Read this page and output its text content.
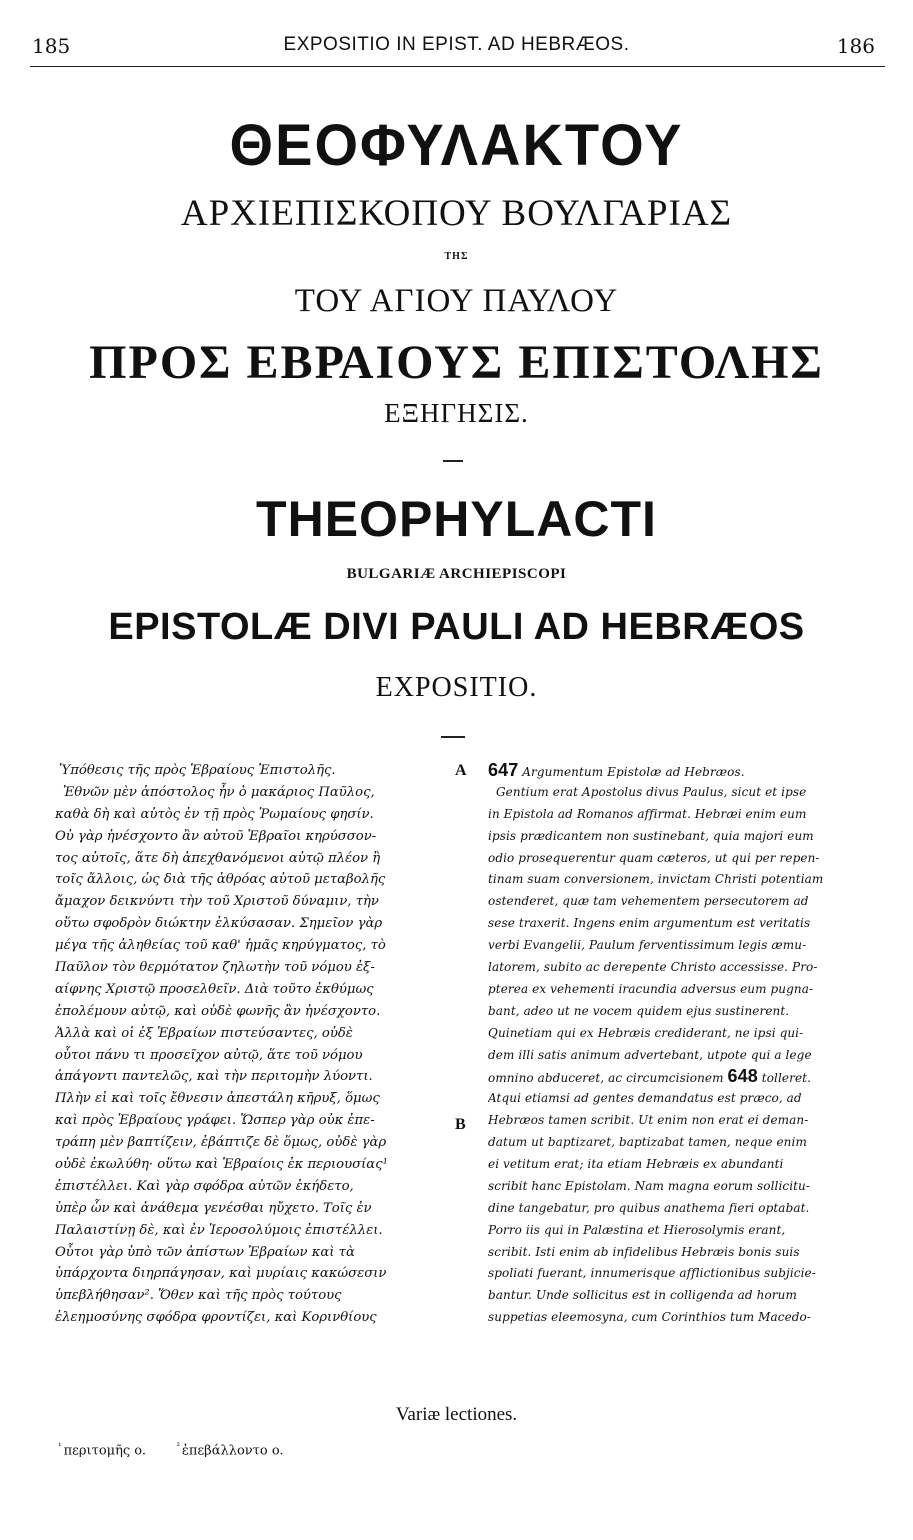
185	EXPOSITIO IN EPIST. AD HEBRÆOS.	186
ΘΕΟΦΥΛΑΚΤΟΥ
ΑΡΧΙΕΠΙΣΚΟΠΟΥ ΒΟΥΛΓΑΡΙΑΣ
ΤΗΣ
ΤΟΥ ΑΓΙΟΥ ΠΑΥΛΟΥ
ΠΡΟΣ ΕΒΡΑΙΟΥΣ ΕΠΙΣΤΟΛΗΣ
ΕΞΗΓΗΣΙΣ.
THEOPHYLACTI
BULGARIÆ ARCHIEPISCOPI
EPISTOLÆ DIVI PAULI AD HEBRÆOS
EXPOSITIO.
Ὑπόθεσις τῆς πρὸς Ἑβραίους Ἐπιστολῆς.
Ἐθνῶν μὲν ἀπόστολος ἦν ὁ μακάριος Παῦλος,
καθὰ δὴ καὶ αὐτὸς ἐν τῇ πρὸς Ῥωμαίους φησίν.
Οὐ γὰρ ἠνέσχοντο ἂν αὐτοῦ Ἑβραῖοι κηρύσσον-
τος αὐτοῖς, ἅτε δὴ ἀπεχθανόμενοι αὐτῷ πλέον ἢ
τοῖς ἄλλοις, ὡς διὰ τῆς ἀθρόας αὐτοῦ μεταβολῆς
ἄμαχον δεικνύντι τὴν τοῦ Χριστοῦ δύναμιν, τὴν
οὕτω σφοδρὸν διώκτην ἑλκύσασαν. Σημεῖον γὰρ
μέγα τῆς ἀληθείας τοῦ καθ' ἡμᾶς κηρύγματος, τὸ
Παῦλον τὸν θερμότατον ζηλωτὴν τοῦ νόμου ἐξ-
αίφνης Χριστῷ προσελθεῖν. Διὰ τοῦτο ἐκθύμως
ἐπολέμουν αὐτῷ, καὶ οὐδὲ φωνῆς ἂν ἠνέσχοντο.
Ἀλλὰ καὶ οἱ ἐξ Ἑβραίων πιστεύσαντες, οὐδὲ
οὗτοι πάνυ τι προσεῖχον αὐτῷ, ἅτε τοῦ νόμου
ἀπάγοντι παντελῶς, καὶ τὴν περιτομὴν λύοντι.
Πλὴν εἰ καὶ τοῖς ἔθνεσιν ἀπεστάλη κῆρυξ, ὅμως
καὶ πρὸς Ἑβραίους γράφει. Ὥσπερ γὰρ οὐκ ἐπε-
τράπη μὲν βαπτίζειν, ἐβάπτιζε δὲ ὅμως, οὐδὲ γὰρ
οὐδὲ ἐκωλύθη· οὕτω καὶ Ἑβραίοις ἐκ περιουσίας¹
ἐπιστέλλει. Καὶ γὰρ σφόδρα αὐτῶν ἐκήδετο,
ὑπὲρ ὧν καὶ ἀνάθεμα γενέσθαι ηὔχετο. Τοῖς ἐν
Παλαιστίνῃ δὲ, καὶ ἐν Ἱεροσολύμοις ἐπιστέλλει.
Οὗτοι γὰρ ὑπὸ τῶν ἀπίστων Ἑβραίων καὶ τὰ
ὑπάρχοντα διηρπάγησαν, καὶ μυρίαις κακώσεσιν
ὑπεβλήθησαν². Ὅθεν καὶ τῆς πρὸς τούτους
ἐλεημοσύνης σφόδρα φροντίζει, καὶ Κορινθίους
A
B
647 Argumentum Epistolæ ad Hebræos.
Gentium erat Apostolus divus Paulus, sicut et ipse
in Epistola ad Romanos affirmat. Hebræi enim eum
ipsis prædicantem non sustinebant, quia majori eum
odio prosequerentur quam cæteros, ut qui per repen-
tinam suam conversionem, invictam Christi potentiam
ostenderet, quæ tam vehementem persecutorem ad
sese traxerit. Ingens enim argumentum est veritatis
verbi Evangelii, Paulum ferventissimum legis æmu-
latorem, subito ac derepente Christo accessisse. Pro-
pterea ex vehementi iracundia adversus eum pugna-
bant, adeo ut ne vocem quidem ejus sustinerent.
Quinetiam qui ex Hebræis crediderant, ne ipsi qui-
dem illi satis animum advertebant, utpote qui a lege
omnino abduceret, ac circumcisionem 648 tolleret.
Atqui etiamsi ad gentes demandatus est præco, ad
Hebræos tamen scribit. Ut enim non erat ei deman-
datum ut baptizaret, baptizabat tamen, neque enim
ei vetitum erat; ita etiam Hebræis ex abundanti
scribit hanc Epistolam. Nam magna eorum sollicitu-
dine tangebatur, pro quibus anathema fieri optabat.
Porro iis qui in Palæstina et Hierosolymis erant,
scribit. Isti enim ab infidelibus Hebræis bonis suis
spoliati fuerant, innumerisque afflictionibus subjicie-
bantur. Unde sollicitus est in colligenda ad horum
suppetias eleemosyna, cum Corinthios tum Macedo-
Variæ lectiones.
$^{^1}$ περιτομῆς o.	$^{^2}$ ἐπεβάλλοντο o.
